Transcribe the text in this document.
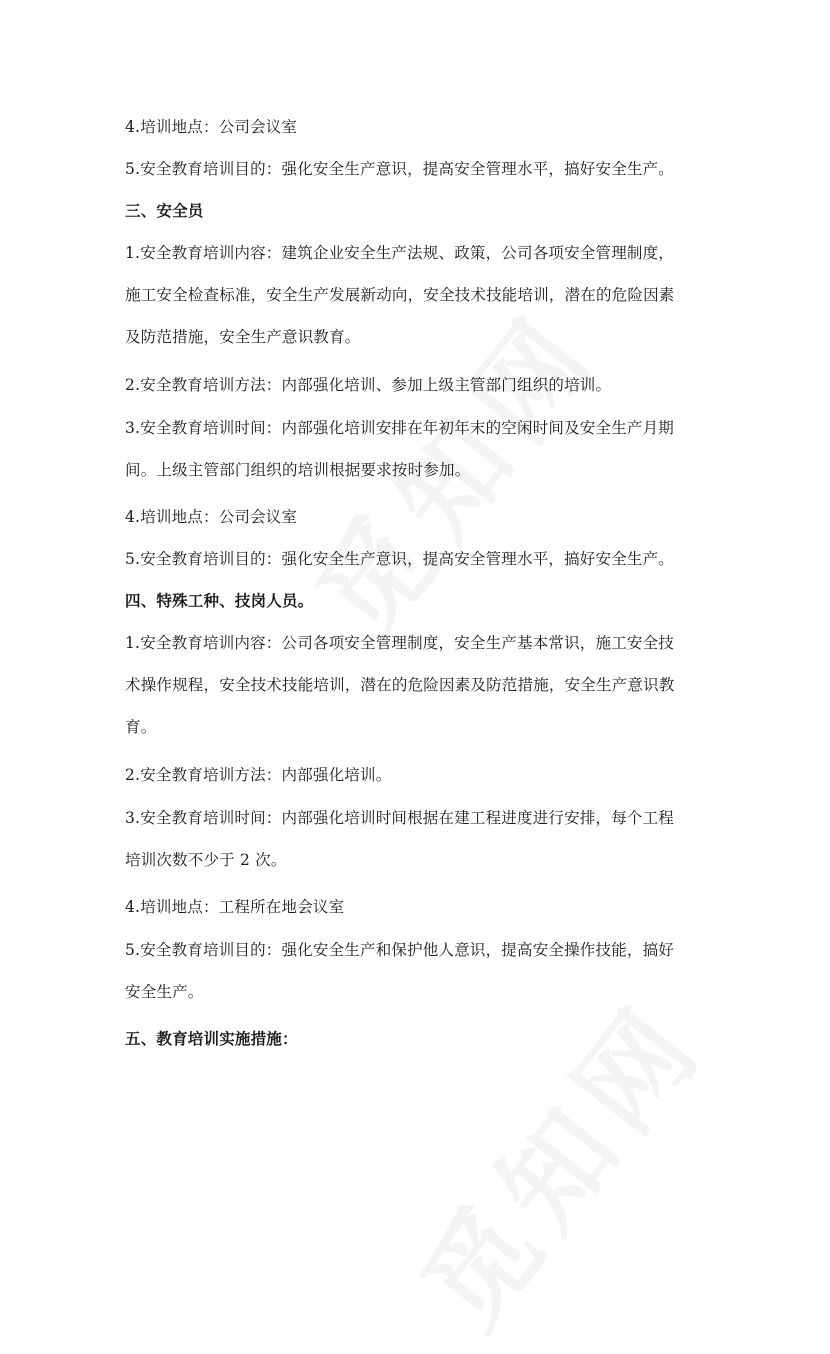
4.培训地点：公司会议室
5.安全教育培训目的：强化安全生产意识，提高安全管理水平，搞好安全生产。
三、安全员
1.安全教育培训内容：建筑企业安全生产法规、政策，公司各项安全管理制度，
施工安全检查标准，安全生产发展新动向，安全技术技能培训，潜在的危险因素
及防范措施，安全生产意识教育。
2.安全教育培训方法：内部强化培训、参加上级主管部门组织的培训。
3.安全教育培训时间：内部强化培训安排在年初年末的空闲时间及安全生产月期
间。上级主管部门组织的培训根据要求按时参加。
4.培训地点：公司会议室
5.安全教育培训目的：强化安全生产意识，提高安全管理水平，搞好安全生产。
四、特殊工种、技岗人员。
1.安全教育培训内容：公司各项安全管理制度，安全生产基本常识，施工安全技
术操作规程，安全技术技能培训，潜在的危险因素及防范措施，安全生产意识教
育。
2.安全教育培训方法：内部强化培训。
3.安全教育培训时间：内部强化培训时间根据在建工程进度进行安排，每个工程
培训次数不少于 2 次。
4.培训地点：工程所在地会议室
5.安全教育培训目的：强化安全生产和保护他人意识，提高安全操作技能，搞好
安全生产。
五、教育培训实施措施：
